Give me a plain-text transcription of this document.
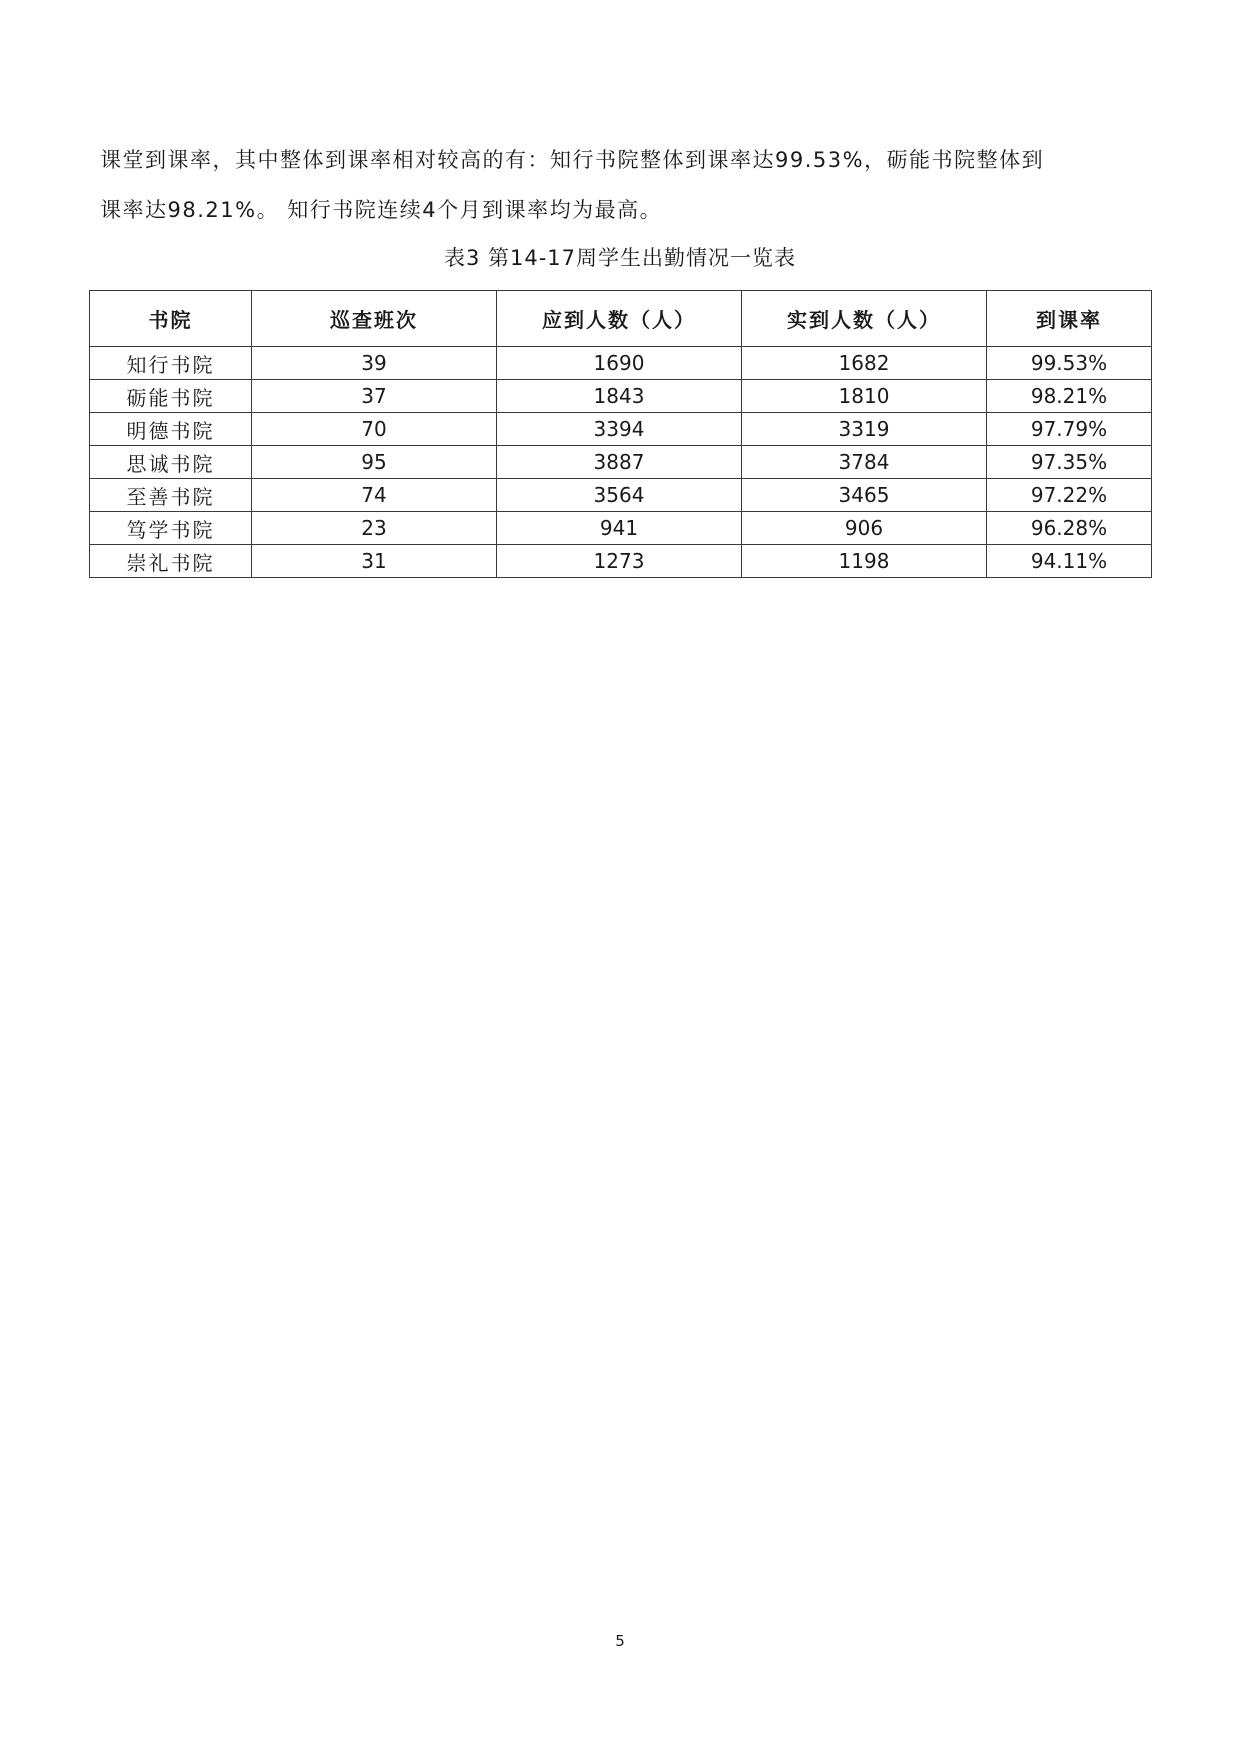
课堂到课率，其中整体到课率相对较高的有：知行书院整体到课率达99.53%，砺能书院整体到
课率达98.21%。 知行书院连续4个月到课率均为最高。
表3 第14-17周学生出勤情况一览表
书院	巡查班次	应到人数（人）	实到人数（人）	到课率
知行书院	39	1690	1682	99.53%
砺能书院	37	1843	1810	98.21%
明德书院	70	3394	3319	97.79%
思诚书院	95	3887	3784	97.35%
至善书院	74	3564	3465	97.22%
笃学书院	23	941	906	96.28%
崇礼书院	31	1273	1198	94.11%
5
